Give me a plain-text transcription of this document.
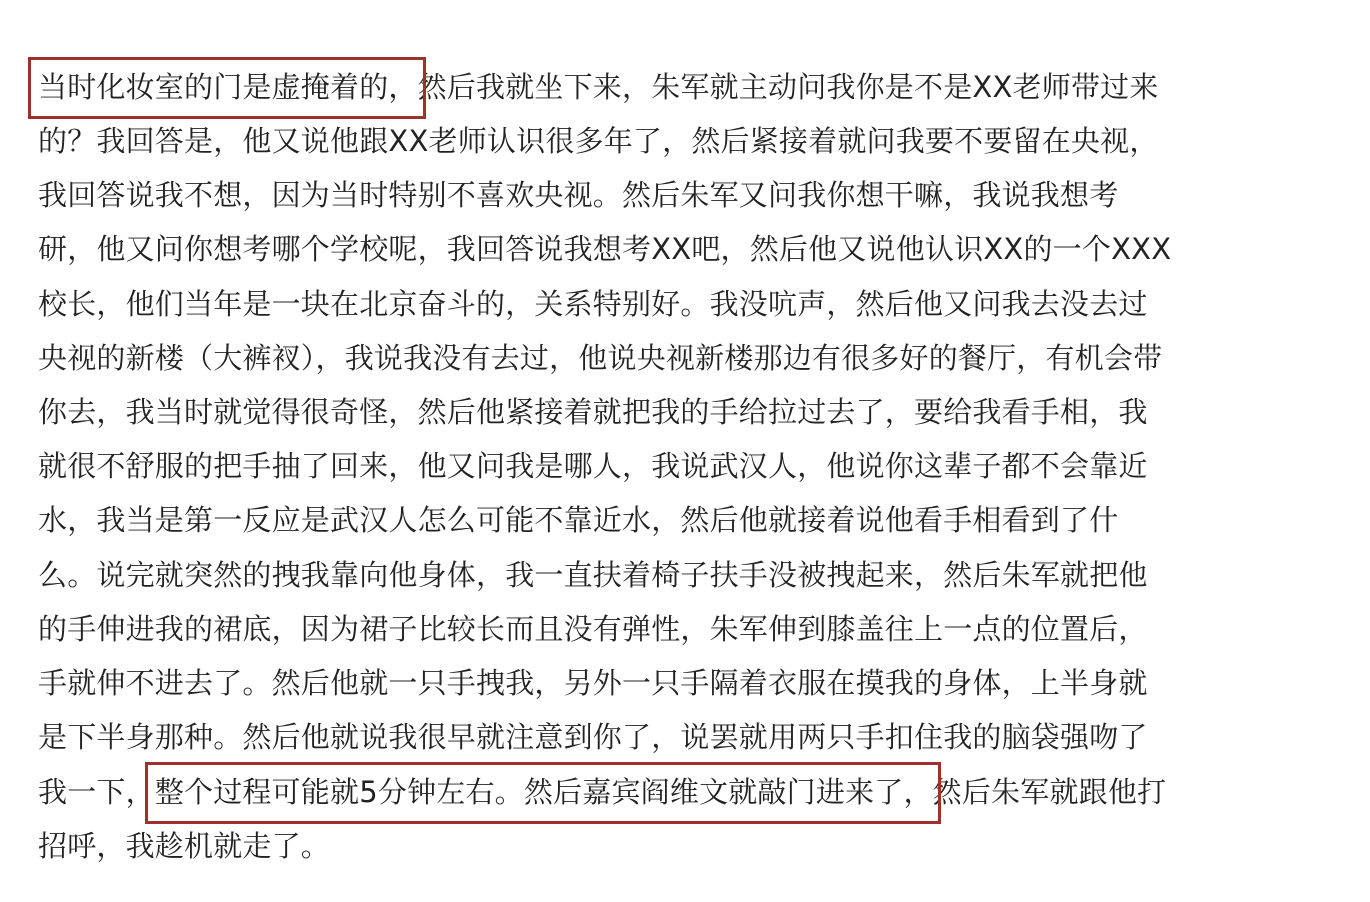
当时化妆室的门是虚掩着的，然后我就坐下来，朱军就主动问我你是不是XX老师带过来
的？我回答是，他又说他跟XX老师认识很多年了，然后紧接着就问我要不要留在央视，
我回答说我不想，因为当时特别不喜欢央视。然后朱军又问我你想干嘛，我说我想考
研，他又问你想考哪个学校呢，我回答说我想考XX吧，然后他又说他认识XX的一个XXX
校长，他们当年是一块在北京奋斗的，关系特别好。我没吭声，然后他又问我去没去过
央视的新楼（大裤衩），我说我没有去过，他说央视新楼那边有很多好的餐厅，有机会带
你去，我当时就觉得很奇怪，然后他紧接着就把我的手给拉过去了，要给我看手相，我
就很不舒服的把手抽了回来，他又问我是哪人，我说武汉人，他说你这辈子都不会靠近
水，我当是第一反应是武汉人怎么可能不靠近水，然后他就接着说他看手相看到了什
么。说完就突然的拽我靠向他身体，我一直扶着椅子扶手没被拽起来，然后朱军就把他
的手伸进我的裙底，因为裙子比较长而且没有弹性，朱军伸到膝盖往上一点的位置后，
手就伸不进去了。然后他就一只手拽我，另外一只手隔着衣服在摸我的身体，上半身就
是下半身那种。然后他就说我很早就注意到你了，说罢就用两只手扣住我的脑袋强吻了
我一下，整个过程可能就5分钟左右。然后嘉宾阎维文就敲门进来了，然后朱军就跟他打
招呼，我趁机就走了。
